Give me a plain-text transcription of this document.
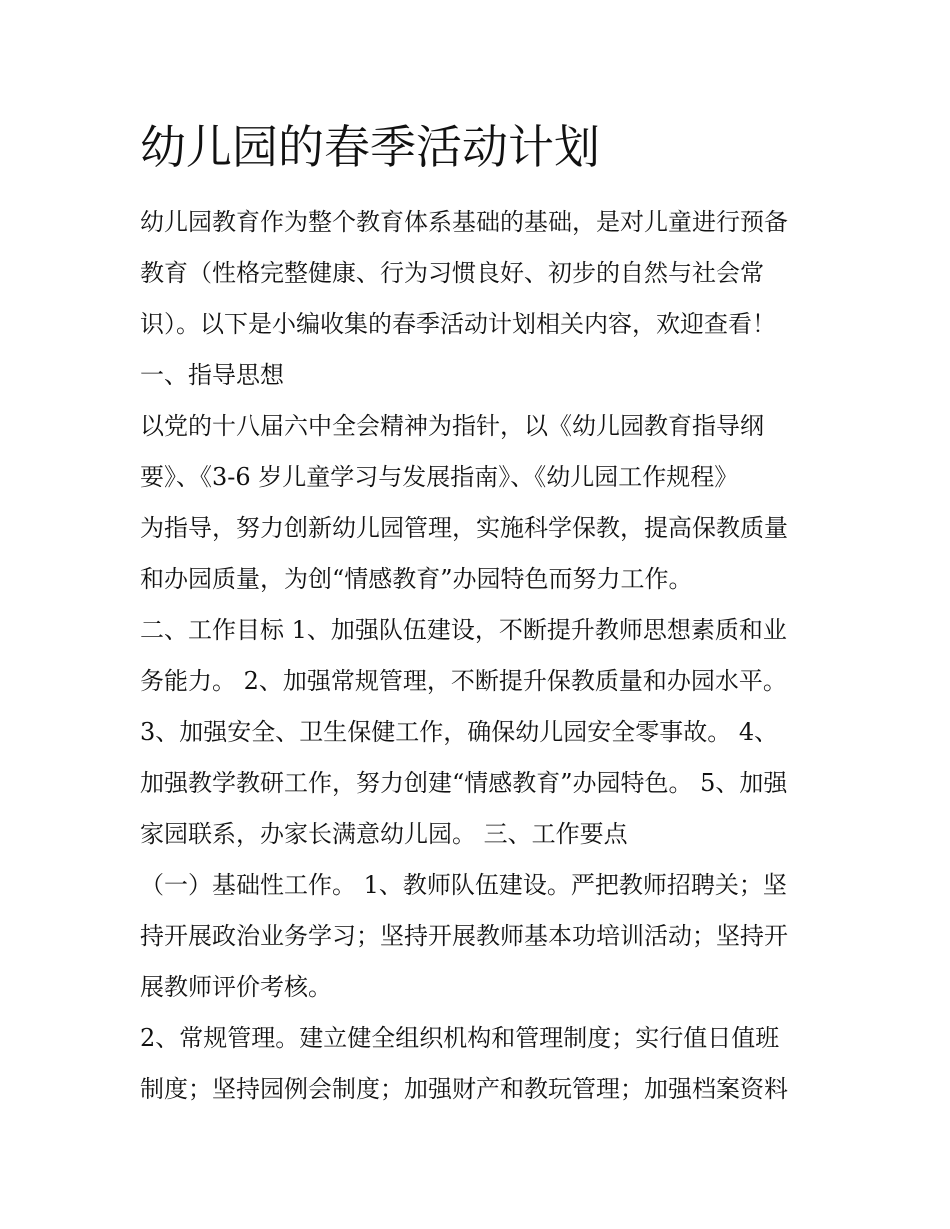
幼儿园的春季活动计划

幼儿园教育作为整个教育体系基础的基础，是对儿童进行预备

教育（性格完整健康、行为习惯良好、初步的自然与社会常

识）。以下是小编收集的春季活动计划相关内容，欢迎查看！

一、指导思想

以党的十八届六中全会精神为指针，以《幼儿园教育指导纲

要》、《3-6 岁儿童学习与发展指南》、《幼儿园工作规程》

为指导，努力创新幼儿园管理，实施科学保教，提高保教质量

和办园质量，为创“情感教育”办园特色而努力工作。

二、工作目标 1、加强队伍建设，不断提升教师思想素质和业

务能力。 2、加强常规管理，不断提升保教质量和办园水平。

3、加强安全、卫生保健工作，确保幼儿园安全零事故。 4、

加强教学教研工作，努力创建“情感教育”办园特色。 5、加强

家园联系，办家长满意幼儿园。 三、工作要点

（一）基础性工作。 1、教师队伍建设。严把教师招聘关；坚

持开展政治业务学习；坚持开展教师基本功培训活动；坚持开

展教师评价考核。

2、常规管理。建立健全组织机构和管理制度；实行值日值班

制度；坚持园例会制度；加强财产和教玩管理；加强档案资料
